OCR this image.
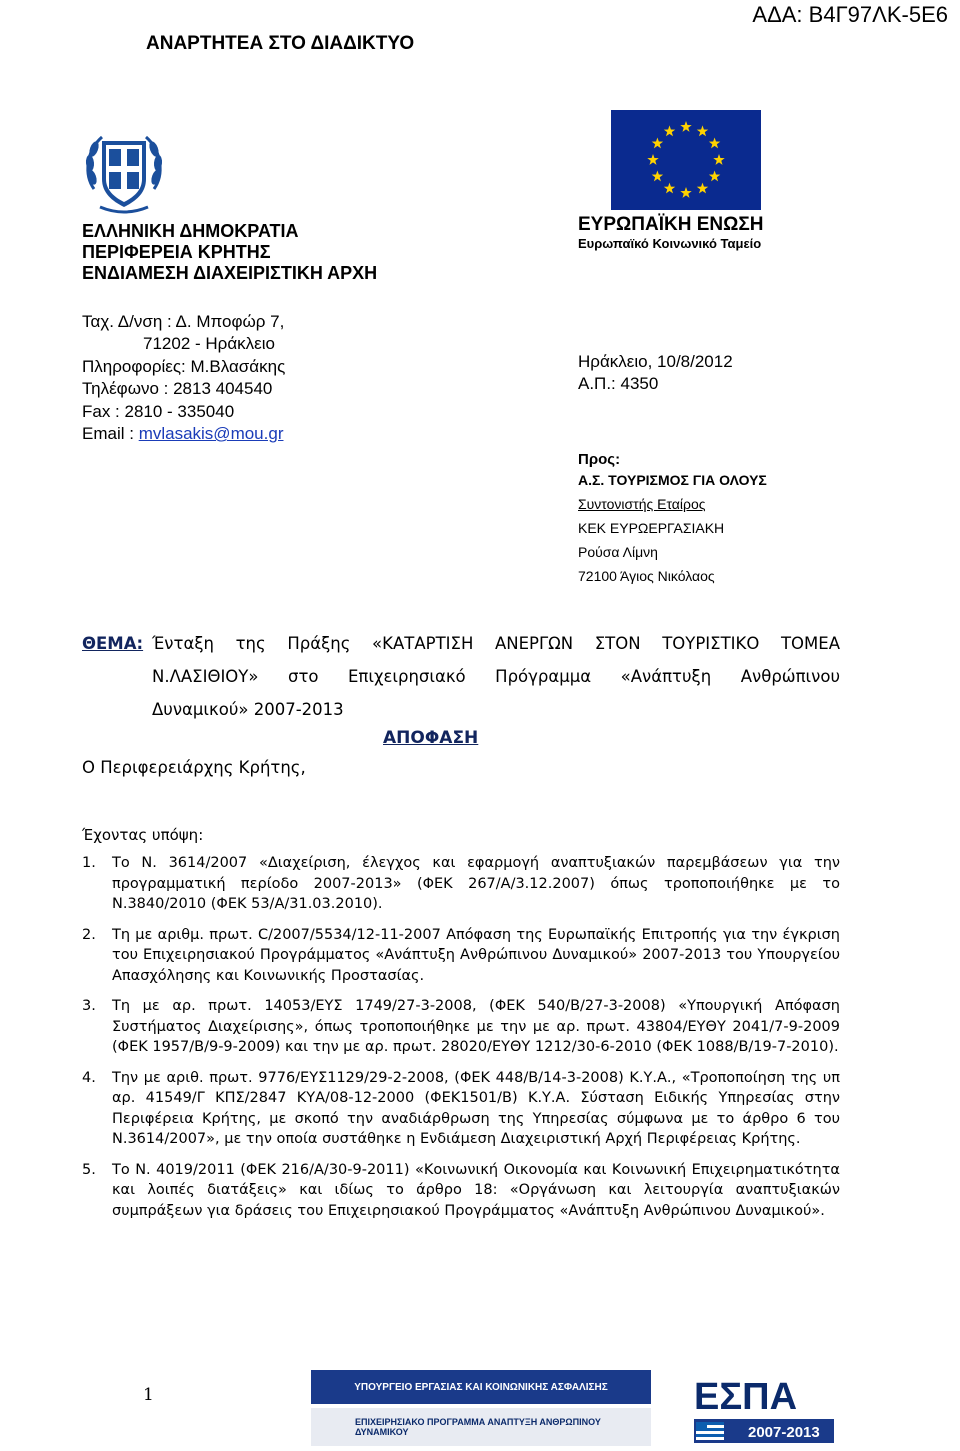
ΑΔΑ: Β4Γ97ΛΚ-5Ε6
ΑΝΑΡΤΗΤΕΑ ΣΤΟ ΔΙΑΔΙΚΤΥΟ
ΕΛΛΗΝΙΚΗ ΔΗΜΟΚΡΑΤΙΑ
ΠΕΡΙΦΕΡΕΙΑ ΚΡΗΤΗΣ
ΕΝΔΙΑΜΕΣΗ ΔΙΑΧΕΙΡΙΣΤΙΚΗ ΑΡΧΗ
ΕΥΡΩΠΑΪΚΗ ΕΝΩΣΗ
Ευρωπαϊκό Κοινωνικό Ταμείο
Ταχ. Δ/νση : Δ. Μποφώρ 7,
71202 - Ηράκλειο
Πληροφορίες: Μ.Βλασάκης
Τηλέφωνο : 2813 404540
Fax : 2810 - 335040
Email : mvlasakis@mou.gr
Ηράκλειο, 10/8/2012
Α.Π.: 4350
Προς:
Α.Σ. ΤΟΥΡΙΣΜΟΣ ΓΙΑ ΟΛΟΥΣ
Συντονιστής Εταίρος
ΚΕΚ ΕΥΡΩΕΡΓΑΣΙΑΚΗ
Ρούσα Λίμνη
72100 Άγιος Νικόλαος
ΘΕΜΑ: Ένταξη της Πράξης «ΚΑΤΑΡΤΙΣΗ ΑΝΕΡΓΩΝ ΣΤΟΝ ΤΟΥΡΙΣΤΙΚΟ ΤΟΜΕΑ
Ν.ΛΑΣΙΘΙΟΥ» στο Επιχειρησιακό Πρόγραμμα «Ανάπτυξη Ανθρώπινου
Δυναμικού» 2007-2013
ΑΠΟΦΑΣΗ
Ο Περιφερειάρχης Κρήτης,
Έχοντας υπόψη:
1.	Το Ν. 3614/2007 «Διαχείριση, έλεγχος και εφαρμογή αναπτυξιακών παρεμβάσεων για την προγραμματική περίοδο 2007-2013» (ΦΕΚ 267/Α/3.12.2007) όπως τροποποιήθηκε με το Ν.3840/2010 (ΦΕΚ 53/Α/31.03.2010).
2.	Τη με αριθμ. πρωτ. C/2007/5534/12-11-2007 Απόφαση της Ευρωπαϊκής Επιτροπής για την έγκριση του Επιχειρησιακού Προγράμματος «Ανάπτυξη Ανθρώπινου Δυναμικού» 2007-2013 του Υπουργείου Απασχόλησης και Κοινωνικής Προστασίας.
3.	Τη με αρ. πρωτ. 14053/ΕΥΣ 1749/27-3-2008, (ΦΕΚ 540/Β/27-3-2008) «Υπουργική Απόφαση Συστήματος Διαχείρισης», όπως τροποποιήθηκε με την με αρ. πρωτ. 43804/ΕΥΘΥ 2041/7-9-2009 (ΦΕΚ 1957/Β/9-9-2009) και την με αρ. πρωτ. 28020/ΕΥΘΥ 1212/30-6-2010 (ΦΕΚ 1088/Β/19-7-2010).
4.	Την με αριθ. πρωτ. 9776/ΕΥΣ1129/29-2-2008, (ΦΕΚ 448/Β/14-3-2008) Κ.Υ.Α., «Τροποποίηση της υπ αρ. 41549/Γ ΚΠΣ/2847 ΚΥΑ/08-12-2000 (ΦΕΚ1501/Β) Κ.Υ.Α. Σύσταση Ειδικής Υπηρεσίας στην Περιφέρεια Κρήτης, με σκοπό την αναδιάρθρωση της Υπηρεσίας σύμφωνα με το άρθρο 6 του Ν.3614/2007», με την οποία συστάθηκε η Ενδιάμεση Διαχειριστική Αρχή Περιφέρειας Κρήτης.
5.	Το Ν. 4019/2011 (ΦΕΚ 216/Α/30-9-2011) «Κοινωνική Οικονομία και Κοινωνική Επιχειρηματικότητα και λοιπές διατάξεις» και ιδίως το άρθρο 18: «Οργάνωση και λειτουργία αναπτυξιακών συμπράξεων για δράσεις του Επιχειρησιακού Προγράμματος «Ανάπτυξη Ανθρώπινου Δυναμικού».
1	ΥΠΟΥΡΓΕΙΟ ΕΡΓΑΣΙΑΣ ΚΑΙ ΚΟΙΝΩΝΙΚΗΣ ΑΣΦΑΛΙΣΗΣ
ΕΠΙΧΕΙΡΗΣΙΑΚΟ ΠΡΟΓΡΑΜΜΑ ΑΝΑΠΤΥΞΗ ΑΝΘΡΩΠΙΝΟΥ ΔΥΝΑΜΙΚΟΥ
ΕΣΠΑ
2007-2013
